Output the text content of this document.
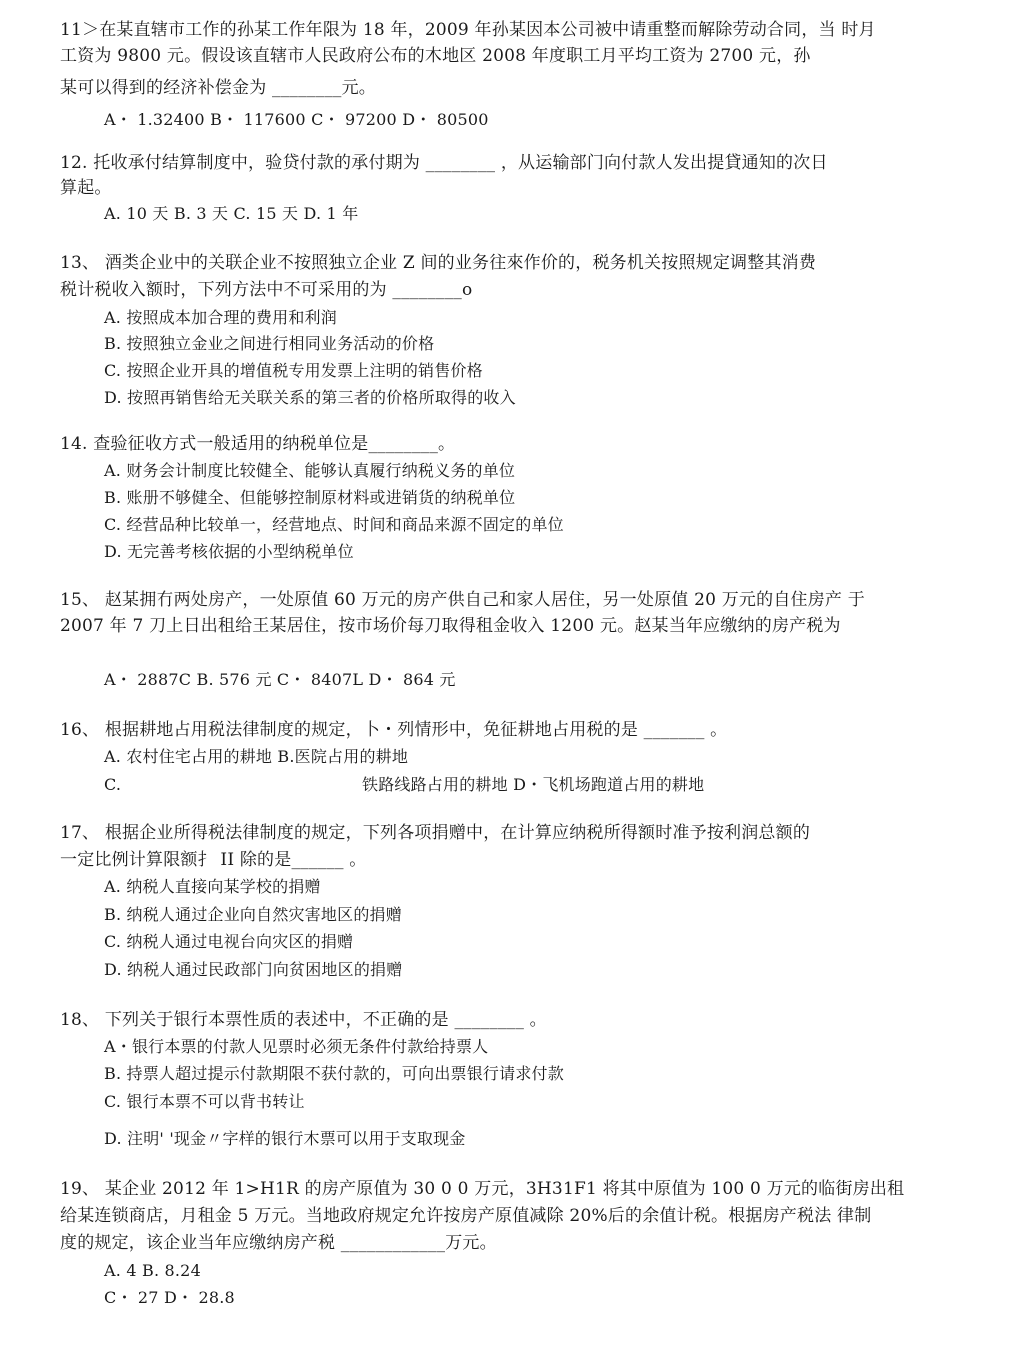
11＞在某直辖市工作的孙某工作年限为 18 年，2009 年孙某因本公司被中请重整而解除劳动合同，当 时月
工资为 9800 元。假设该直辖市人民政府公布的木地区 2008 年度职工月平均工资为 2700 元，孙
某可以得到的经济补偿金为 ________元。
A・ 1.32400 B・ 117600 C・ 97200 D・ 80500
12. 托收承付结算制度中，验贷付款的承付期为 ________ ，从运输部门向付款人发出提貸通知的次日
算起。
A. 10 天 B. 3 天 C. 15 天 D. 1 年
13、 酒类企业中的关联企业不按照独立企业 Z 间的业务往來作价的，税务机关按照规定调整其消费
税计税收入额时，下列方法中不可采用的为 ________o
A. 按照成本加合理的费用和利润
B. 按照独立金业之间进行相同业务活动的价格
C. 按照企业开具的增值税专用发票上注明的销售价格
D. 按照再销售给无关联关系的第三者的价格所取得的收入
14. 查验征收方式一般适用的纳税单位是________。
A. 财务会计制度比较健全、能够认真履行纳税义务的单位
B. 账册不够健全、但能够控制原材料或进销货的纳税单位
C. 经营品种比较单一，经营地点、时间和商品来源不固定的单位
D. 无完善考核依据的小型纳税单位
15、 赵某拥冇两处房产，一处原值 60 万元的房产供自己和家人居住，另一处原值 20 万元的自住房产 于
2007 年 7 刀上日出租给王某居住，按市场价每刀取得租金收入 1200 元。赵某当年应缴纳的房产税为
A・ 2887C B. 576 元 C・ 8407L D・ 864 元
16、 根据耕地占用税法律制度的规定，卜・列情形中，免征耕地占用税的是 _______ 。
A. 农村住宅占用的耕地 B.医院占用的耕地
C.	铁路线路占用的耕地 D・飞机场跑道占用的耕地
17、 根据企业所得税法律制度的规定，下列各项捐赠中，在计算应纳税所得额时准予按利润总额的
一定比例计算限额扌 II 除的是______ 。
A. 纳税人直接向某学校的捐赠
B. 纳税人通过企业向自然灾害地区的捐赠
C. 纳税人通过电视台向灾区的捐赠
D. 纳税人通过民政部门向贫困地区的捐赠
18、 下列关于银行本票性质的表述中，不正确的是 ________ 。
A・银行本票的付款人见票时必须无条件付款给持票人
B. 持票人超过提示付款期限不获付款的，可向出票银行请求付款
C. 银行本票不可以背书转让
D. 注明' '现金〃字样的银行木票可以用于支取现金
19、 某企业 2012 年 1>H1R 的房产原值为 30 0 0 万元，3H31F1 将其中原值为 100 0 万元的临街房出租
给某连锁商店，月租金 5 万元。当地政府规定允许按房产原值减除 20%后的余值计税。根据房产税法 律制
度的规定，该企业当年应缴纳房产税 ____________万元。
A. 4 B. 8.24
C・ 27 D・ 28.8
